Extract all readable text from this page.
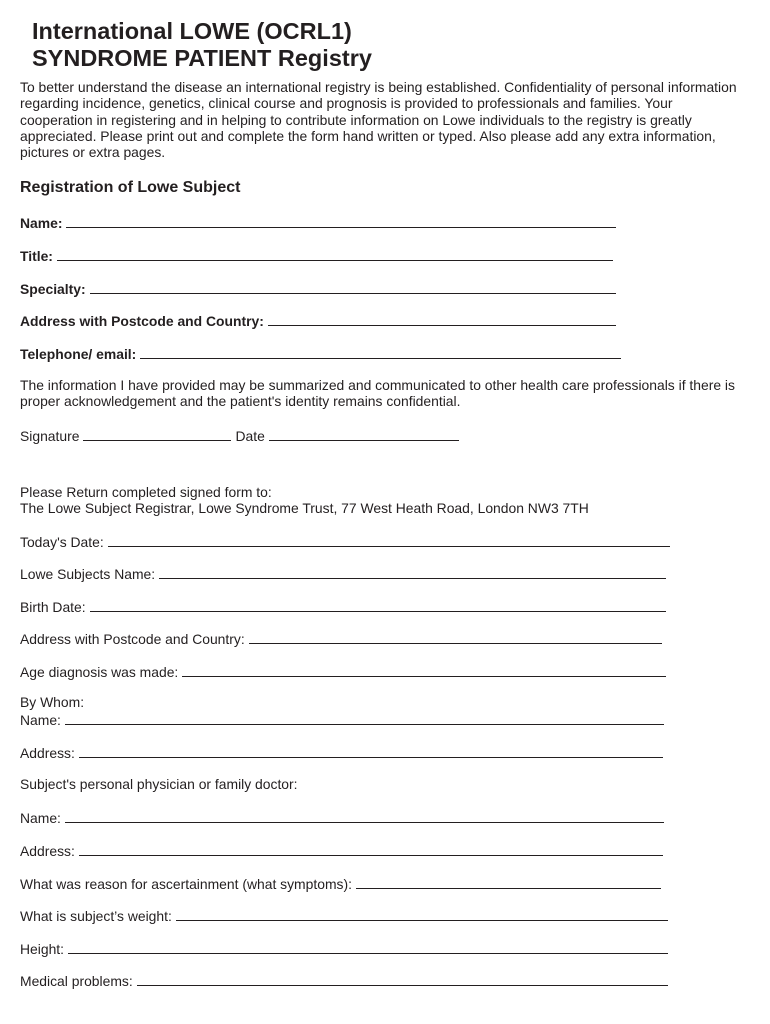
International LOWE (OCRL1)
SYNDROME PATIENT Registry

To better understand the disease an international registry is being established. Confidentiality of personal information regarding incidence, genetics, clinical course and prognosis is provided to professionals and families. Your cooperation in registering and in helping to contribute information on Lowe individuals to the registry is greatly appreciated. Please print out and complete the form hand written or typed. Also please add any extra information, pictures or extra pages.

Registration of Lowe Subject
Name:
Title:
Specialty:
Address with Postcode and Country:
Telephone/ email:

The information I have provided may be summarized and communicated to other health care professionals if there is proper acknowledgement and the patient's identity remains confidential.

Signature	Date

Please Return completed signed form to:
The Lowe Subject Registrar, Lowe Syndrome Trust, 77 West Heath Road, London NW3 7TH

Today's Date:
Lowe Subjects Name:
Birth Date:
Address with Postcode and Country:
Age diagnosis was made:

By Whom:

Name:
Address:

Subject's personal physician or family doctor:

Name:
Address:
What was reason for ascertainment (what symptoms):
What is subject’s weight:
Height:
Medical problems:
